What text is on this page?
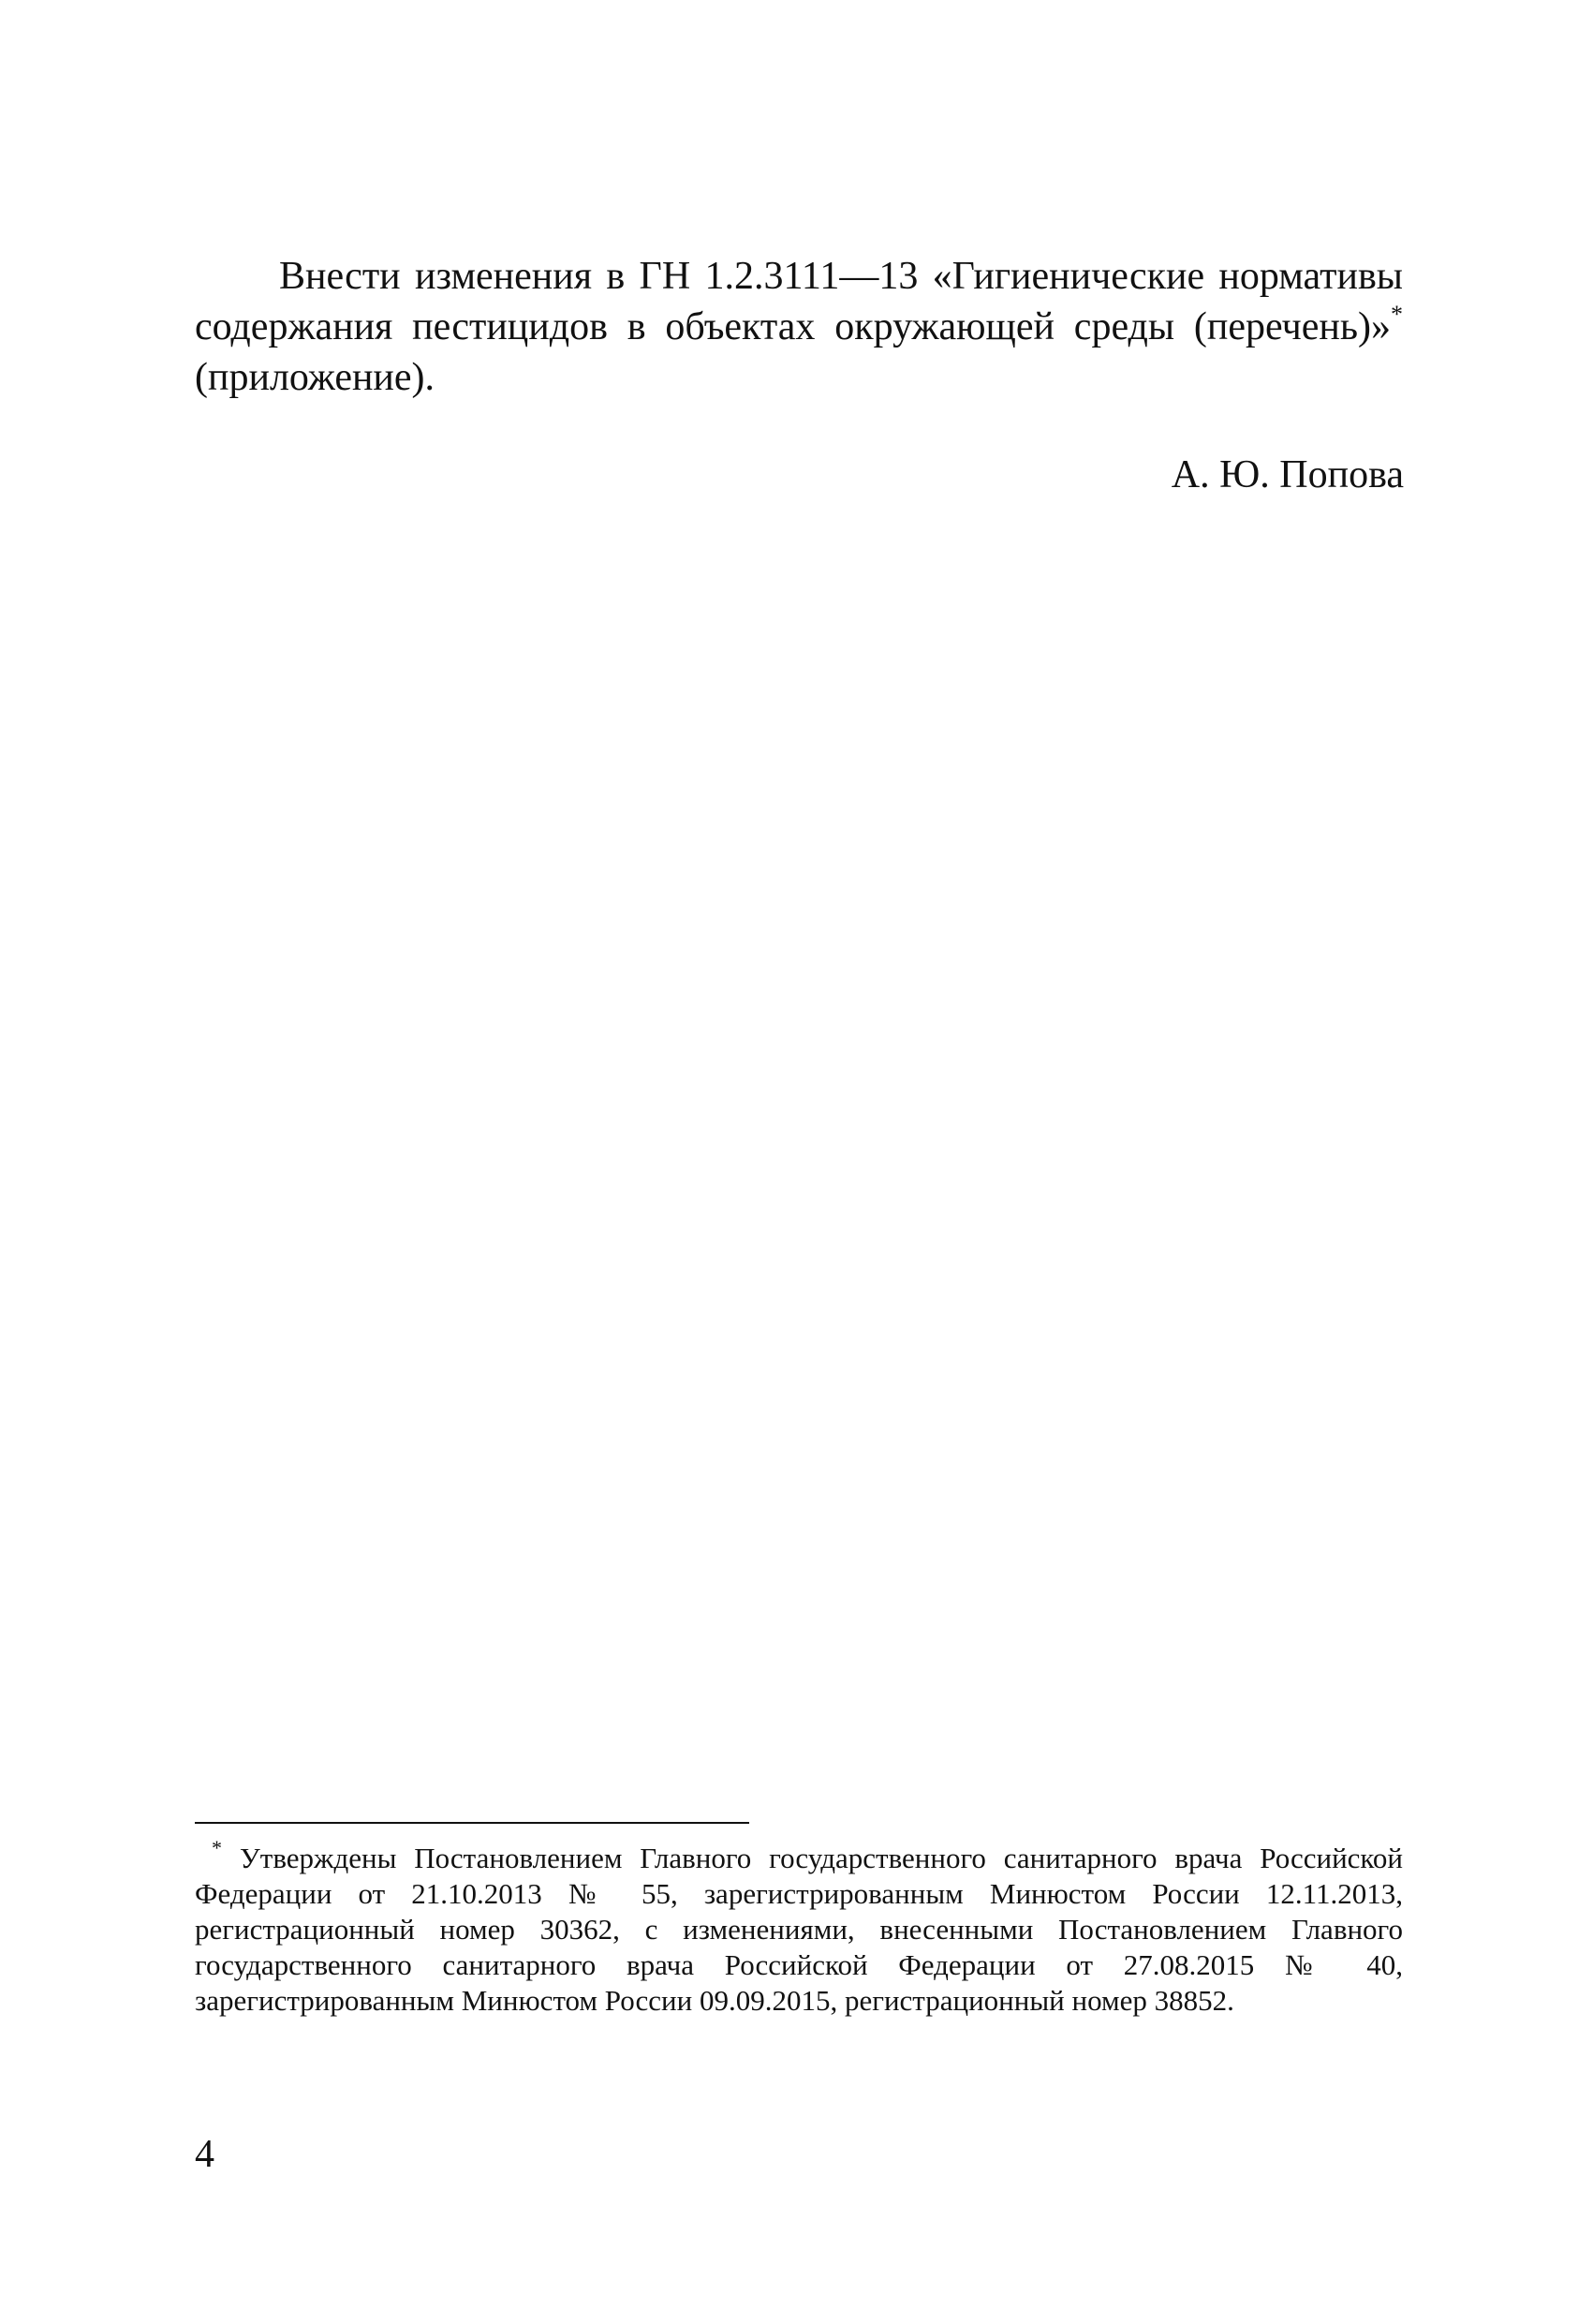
Внести изменения в ГН 1.2.3111—13 «Гигиенические нормативы содержания пестицидов в объектах окружающей среды (перечень)»* (приложение).

А. Ю. Попова

* Утверждены Постановлением Главного государственного санитарного врача Российской Федерации от 21.10.2013 № 55, зарегистрированным Минюстом России 12.11.2013, регистрационный номер 30362, с изменениями, внесенными Постановлением Главного государственного санитарного врача Российской Федерации от 27.08.2015 № 40, зарегистрированным Минюстом России 09.09.2015, регистрационный номер 38852.

4
